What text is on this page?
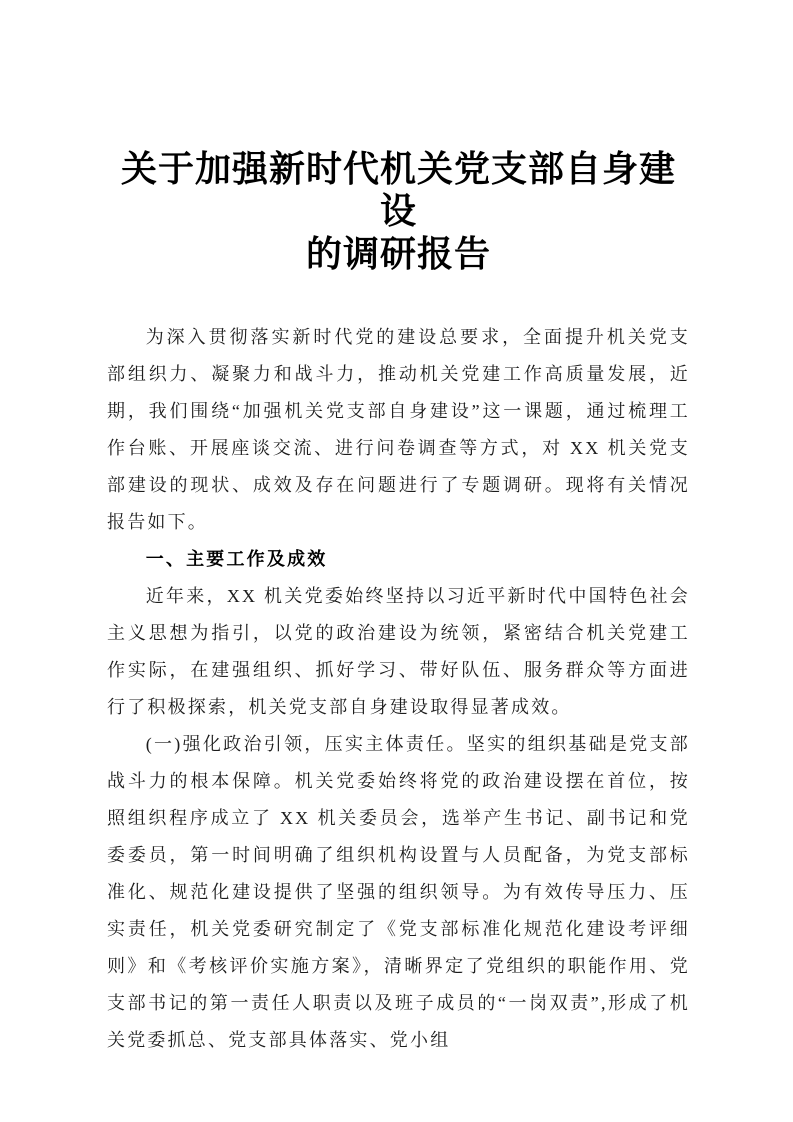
关于加强新时代机关党支部自身建设
的调研报告

为深入贯彻落实新时代党的建设总要求，全面提升机关党支部组织力、凝聚力和战斗力，推动机关党建工作高质量发展，近期，我们围绕“加强机关党支部自身建设”这一课题，通过梳理工作台账、开展座谈交流、进行问卷调查等方式，对 XX 机关党支部建设的现状、成效及存在问题进行了专题调研。现将有关情况报告如下。

一、主要工作及成效

近年来，XX 机关党委始终坚持以习近平新时代中国特色社会主义思想为指引，以党的政治建设为统领，紧密结合机关党建工作实际，在建强组织、抓好学习、带好队伍、服务群众等方面进行了积极探索，机关党支部自身建设取得显著成效。

(一)强化政治引领，压实主体责任。坚实的组织基础是党支部战斗力的根本保障。机关党委始终将党的政治建设摆在首位，按照组织程序成立了 XX 机关委员会，选举产生书记、副书记和党委委员，第一时间明确了组织机构设置与人员配备，为党支部标准化、规范化建设提供了坚强的组织领导。为有效传导压力、压实责任，机关党委研究制定了《党支部标准化规范化建设考评细则》和《考核评价实施方案》，清晰界定了党组织的职能作用、党支部书记的第一责任人职责以及班子成员的“一岗双责”,形成了机关党委抓总、党支部具体落实、党小组
